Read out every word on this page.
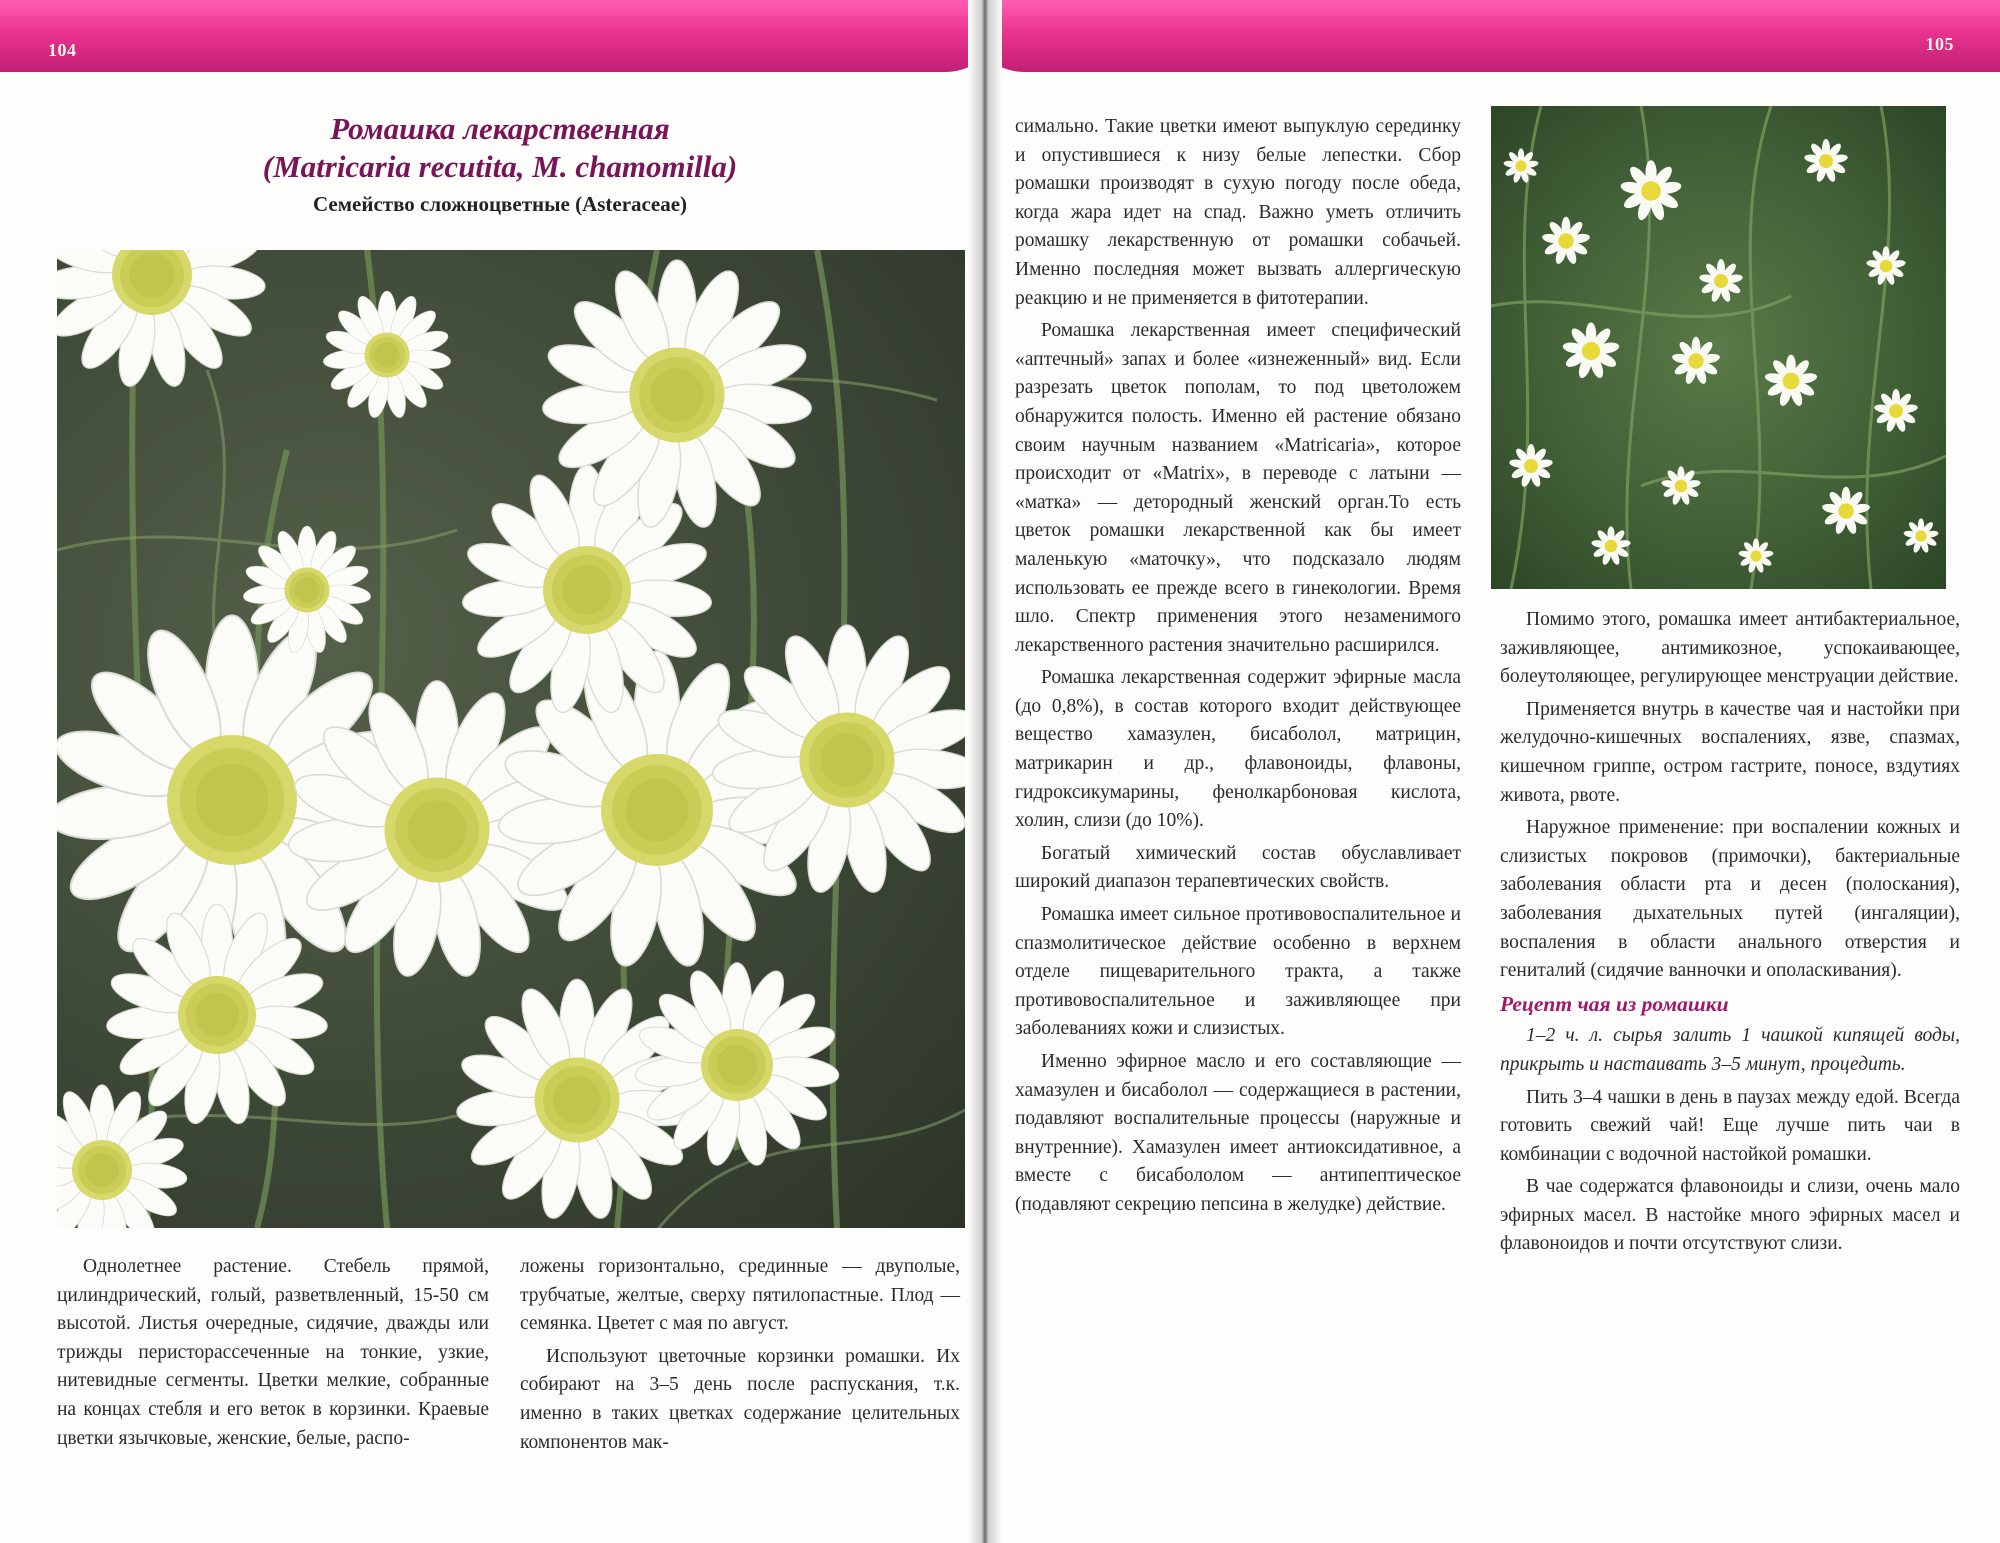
104
Ромашка лекарственная
(Matricaria recutita, M. chamomilla)
Семейство сложноцветные (Asteraceae)

Однолетнее растение. Стебель прямой, цилиндрический, голый, разветвленный, 15-50 см высотой. Листья очередные, сидячие, дважды или трижды перисторассеченные на тонкие, узкие, нитевидные сегменты. Цветки мелкие, собранные на концах стебля и его веток в корзинки. Краевые цветки язычковые, женские, белые, распо-

ложены горизонтально, срединные — двуполые, трубчатые, желтые, сверху пятилопастные. Плод — семянка. Цветет с мая по август.

Используют цветочные корзинки ромашки. Их собирают на 3–5 день после распускания, т.к. именно в таких цветках содержание целительных компонентов мак-

105

симально. Такие цветки имеют выпуклую серединку и опустившиеся к низу белые лепестки. Сбор ромашки производят в сухую погоду после обеда, когда жара идет на спад. Важно уметь отличить ромашку лекарственную от ромашки собачьей. Именно последняя может вызвать аллергическую реакцию и не применяется в фитотерапии.

Ромашка лекарственная имеет специфический «аптечный» запах и более «изнеженный» вид. Если разрезать цветок пополам, то под цветоложем обнаружится полость. Именно ей растение обязано своим научным названием «Matricaria», которое происходит от «Matrix», в переводе с латыни — «матка» — детородный женский орган.То есть цветок ромашки лекарственной как бы имеет маленькую «маточку», что подсказало людям использовать ее прежде всего в гинекологии. Время шло. Спектр применения этого незаменимого лекарственного растения значительно расширился.

Ромашка лекарственная содержит эфирные масла (до 0,8%), в состав которого входит действующее вещество хамазулен, бисаболол, матрицин, матрикарин и др., флавоноиды, флавоны, гидроксикумарины, фенолкарбоновая кислота, холин, слизи (до 10%).

Богатый химический состав обуславливает широкий диапазон терапевтических свойств.

Ромашка имеет сильное противовоспалительное и спазмолитическое действие особенно в верхнем отделе пищеварительного тракта, а также противовоспалительное и заживляющее при заболеваниях кожи и слизистых.

Именно эфирное масло и его составляющие — хамазулен и бисаболол — содержащиеся в растении, подавляют воспалительные процессы (наружные и внутренние). Хамазулен имеет антиоксидативное, а вместе с бисабололом — антипептическое (подавляют секрецию пепсина в желудке) действие.

Помимо этого, ромашка имеет антибактериальное, заживляющее, антимикозное, успокаивающее, болеутоляющее, регулирующее менструации действие.

Применяется внутрь в качестве чая и настойки при желудочно-кишечных воспалениях, язве, спазмах, кишечном гриппе, остром гастрите, поносе, вздутиях живота, рвоте.

Наружное применение: при воспалении кожных и слизистых покровов (примочки), бактериальные заболевания области рта и десен (полоскания), заболевания дыхательных путей (ингаляции), воспаления в области анального отверстия и гениталий (сидячие ванночки и ополаскивания).

Рецепт чая из ромашки

1–2 ч. л. сырья залить 1 чашкой кипящей воды, прикрыть и настаивать 3–5 минут, процедить.

Пить 3–4 чашки в день в паузах между едой. Всегда готовить свежий чай! Еще лучше пить чаи в комбинации с водочной настойкой ромашки.

В чае содержатся флавоноиды и слизи, очень мало эфирных масел. В настойке много эфирных масел и флавоноидов и почти отсутствуют слизи.
